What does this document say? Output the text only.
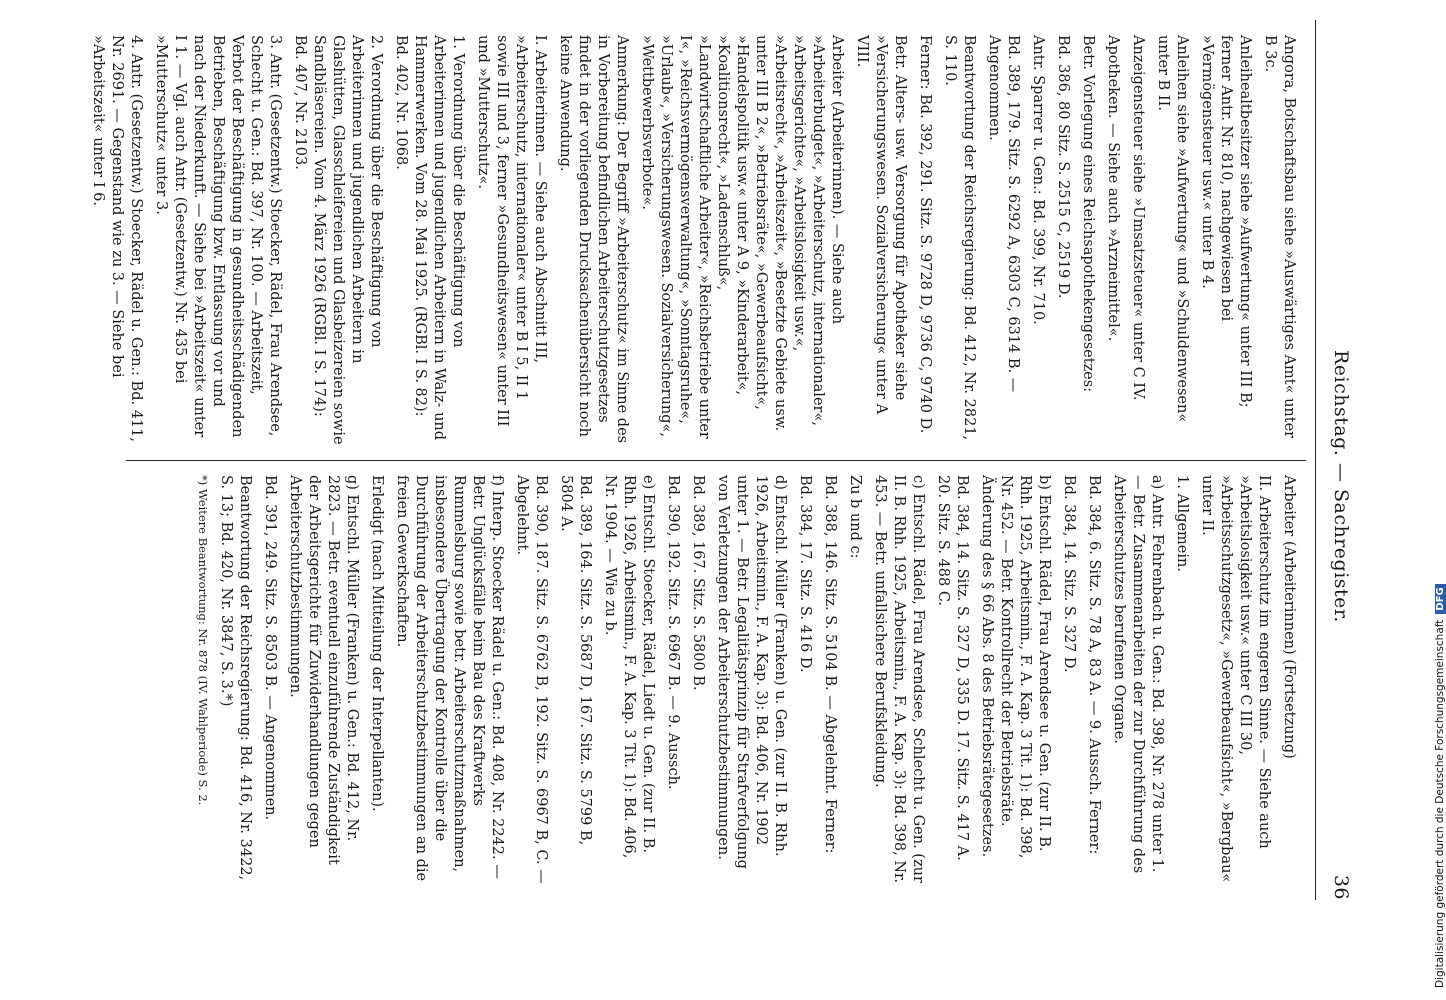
Reichstag. — Sachregister.
36

Arbeiter (Arbeiterinnen) (Fortsetzung)

II. Arbeiterschutz im engeren Sinne. — Siehe auch »Arbeitslosigkeit usw.« unter C III 30, »Arbeitsschutzgesetz«, »Gewerbeaufsicht«, »Bergbau« unter II.

1. Allgemein.

a) Antr. Fehrenbach u. Gen.: Bd. 398, Nr. 278 unter 1. — Betr. Zusammenarbeiten der zur Durchführung des Arbeiterschutzes berufenen Organe.

Bd. 384, 6. Sitz. S. 78 A, 83 A. — 9. Aussch. Ferner:

Bd. 384, 14. Sitz. S. 327 D.

b) Entschl. Rädel, Frau Arendsee u. Gen. (zur II. B. Rhh. 1925, Arbeitsmin., F. A. Kap. 3 Tit. 1): Bd. 398, Nr. 452. — Betr. Kontrollrecht der Betriebsräte. Änderung des § 66 Abs. 8 des Betriebsrätegesetzes.

Bd. 384, 14. Sitz. S. 327 D, 335 D. 17. Sitz. S. 417 A. 20. Sitz. S. 488 C.

c) Entschl. Rädel, Frau Arendsee, Schlecht u. Gen. (zur II. B. Rhh. 1925, Arbeitsmin., F. A. Kap. 3): Bd. 398, Nr. 453. — Betr. unfallsichere Berufskleidung.

Zu b und c:

Bd. 388, 146. Sitz. S. 5104 B. — Abgelehnt. Ferner:

Bd. 384, 17. Sitz. S. 416 D.

d) Entschl. Müller (Franken) u. Gen. (zur II. B. Rhh. 1926, Arbeitsmin., F. A. Kap. 3): Bd. 406, Nr. 1902 unter 1. — Betr. Legalitätsprinzip für Strafverfolgung von Verletzungen der Arbeiterschutzbestimmungen.

Bd. 389, 167. Sitz. S. 5800 B.

Bd. 390, 192. Sitz. S. 6967 B. — 9. Aussch.

e) Entschl. Stoecker, Rädel, Liedt u. Gen. (zur II. B. Rhh. 1926, Arbeitsmin., F. A. Kap. 3 Tit. 1): Bd. 406, Nr. 1904. — Wie zu b.

Bd. 389, 164. Sitz. S. 5687 D, 167. Sitz. S. 5799 B, 5804 A.

Bd. 390, 187. Sitz. S. 6762 B, 192. Sitz. S. 6967 B, C. — Abgelehnt.

f) Interp. Stoecker Rädel u. Gen.: Bd. 408, Nr. 2242. — Betr. Unglücksfälle beim Bau des Kraftwerks Rummelsburg sowie betr. Arbeiterschutzmaßnahmen, insbesondere Übertragung der Kontrolle über die Durchführung der Arbeiterschutzbestimmungen an die freien Gewerkschaften.

Erledigt (nach Mitteilung der Interpellanten).

g) Entschl. Müller (Franken) u. Gen.: Bd. 412, Nr. 2823. — Betr. eventuell einzuführende Zuständigkeit der Arbeitsgerichte für Zuwiderhandlungen gegen Arbeiterschutzbestimmungen.

Bd. 391, 249. Sitz. S. 8503 B. — Angenommen.

Beantwortung der Reichsregierung: Bd. 416, Nr. 3422, S. 13; Bd. 420, Nr. 3847, S. 3.*)

*) Weitere Beantwortung: Nr. 878 (IV. Wahlperiode) S. 2.

Angora, Botschaftsbau siehe »Auswärtiges Amt« unter B 3c.

Anleihealtbesitzer siehe »Aufwertung« unter III B; ferner Antr. Nr. 810, nachgewiesen bei »Vermögensteuer usw.« unter B 4.

Anleihen siehe »Aufwertung« und »Schuldenwesen« unter B II.

Anzeigensteuer siehe »Umsatzsteuer« unter C IV.

Apotheken. — Siehe auch »Arzneimittel«.

Betr. Vorlegung eines Reichsapothekengesetzes:

Bd. 386, 80 Sitz. S. 2515 C, 2519 D.

Antr. Sparrer u. Gen.: Bd. 399, Nr. 710.

Bd. 389, 179. Sitz. S. 6292 A, 6303 C, 6314 B. — Angenommen.

Beantwortung der Reichsregierung: Bd. 412, Nr. 2821, S. 110.

Ferner: Bd. 392, 291. Sitz. S. 9728 D, 9736 C, 9740 D.

Betr. Alters- usw. Versorgung für Apotheker siehe »Versicherungswesen. Sozialversicherung« unter A VIII.

Arbeiter (Arbeiterinnen). — Siehe auch »Arbeiterbudget«, »Arbeiterschutz, internationaler«, »Arbeitsgerichte«, »Arbeitslosigkeit usw.«, »Arbeitsrecht«, »Arbeitszeit«, »Besetzte Gebiete usw. unter III B 2«, »Betriebsräte«, »Gewerbeaufsicht«, »Handelspolitik usw.« unter A 9, »Kinderarbeit«, »Koalitionsrecht«, »Ladenschluß«, »Landwirtschaftliche Arbeiter«, »Reichsbetriebe unter I«, »Reichsvermögensverwaltung«, »Sonntagsruhe«, »Urlaub«, »Versicherungswesen. Sozialversicherung«, »Wettbewerbsverbote«.

Anmerkung: Der Begriff »Arbeiterschutz« im Sinne des in Vorbereitung befindlichen Arbeiterschutzgesetzes findet in der vorliegenden Drucksachenübersicht noch keine Anwendung.

I. Arbeiterinnen. — Siehe auch Abschnitt III, »Arbeiterschutz, internationaler« unter B I 5, II 1 sowie III und 3, ferner »Gesundheitswesen« unter III und »Mutterschutz«.

1. Verordnung über die Beschäftigung von Arbeiterinnen und jugendlichen Arbeitern in Walz- und Hammerwerken. Vom 28. Mai 1925. (RGBl. I S. 82): Bd. 402, Nr. 1068.

2. Verordnung über die Beschäftigung von Arbeiterinnen und jugendlichen Arbeitern in Glashütten, Glasschleifereien und Glasbeizereien sowie Sandbläsereien. Vom 4. März 1926 (RGBl. I S. 174): Bd. 407, Nr. 2103.

3. Antr. (Gesetzentw.) Stoecker, Rädel, Frau Arendsee, Schecht u. Gen.: Bd. 397, Nr. 100. — Arbeitszeit, Verbot der Beschäftigung in gesundheitsschädigenden Betrieben, Beschäftigung bzw. Entlassung vor und nach der Niederkunft. — Siehe bei »Arbeitszeit« unter I 1. — Vgl. auch Antr. (Gesetzentw.) Nr. 435 bei »Mutterschutz« unter 3.

4. Antr. (Gesetzentw.) Stoecker, Rädel u. Gen.: Bd. 411, Nr. 2691. — Gegenstand wie zu 3. — Siehe bei »Arbeitszeit« unter I 6.

Digitalisierung gefördert durch die Deutsche ForschungsgemeinschaftDFG
